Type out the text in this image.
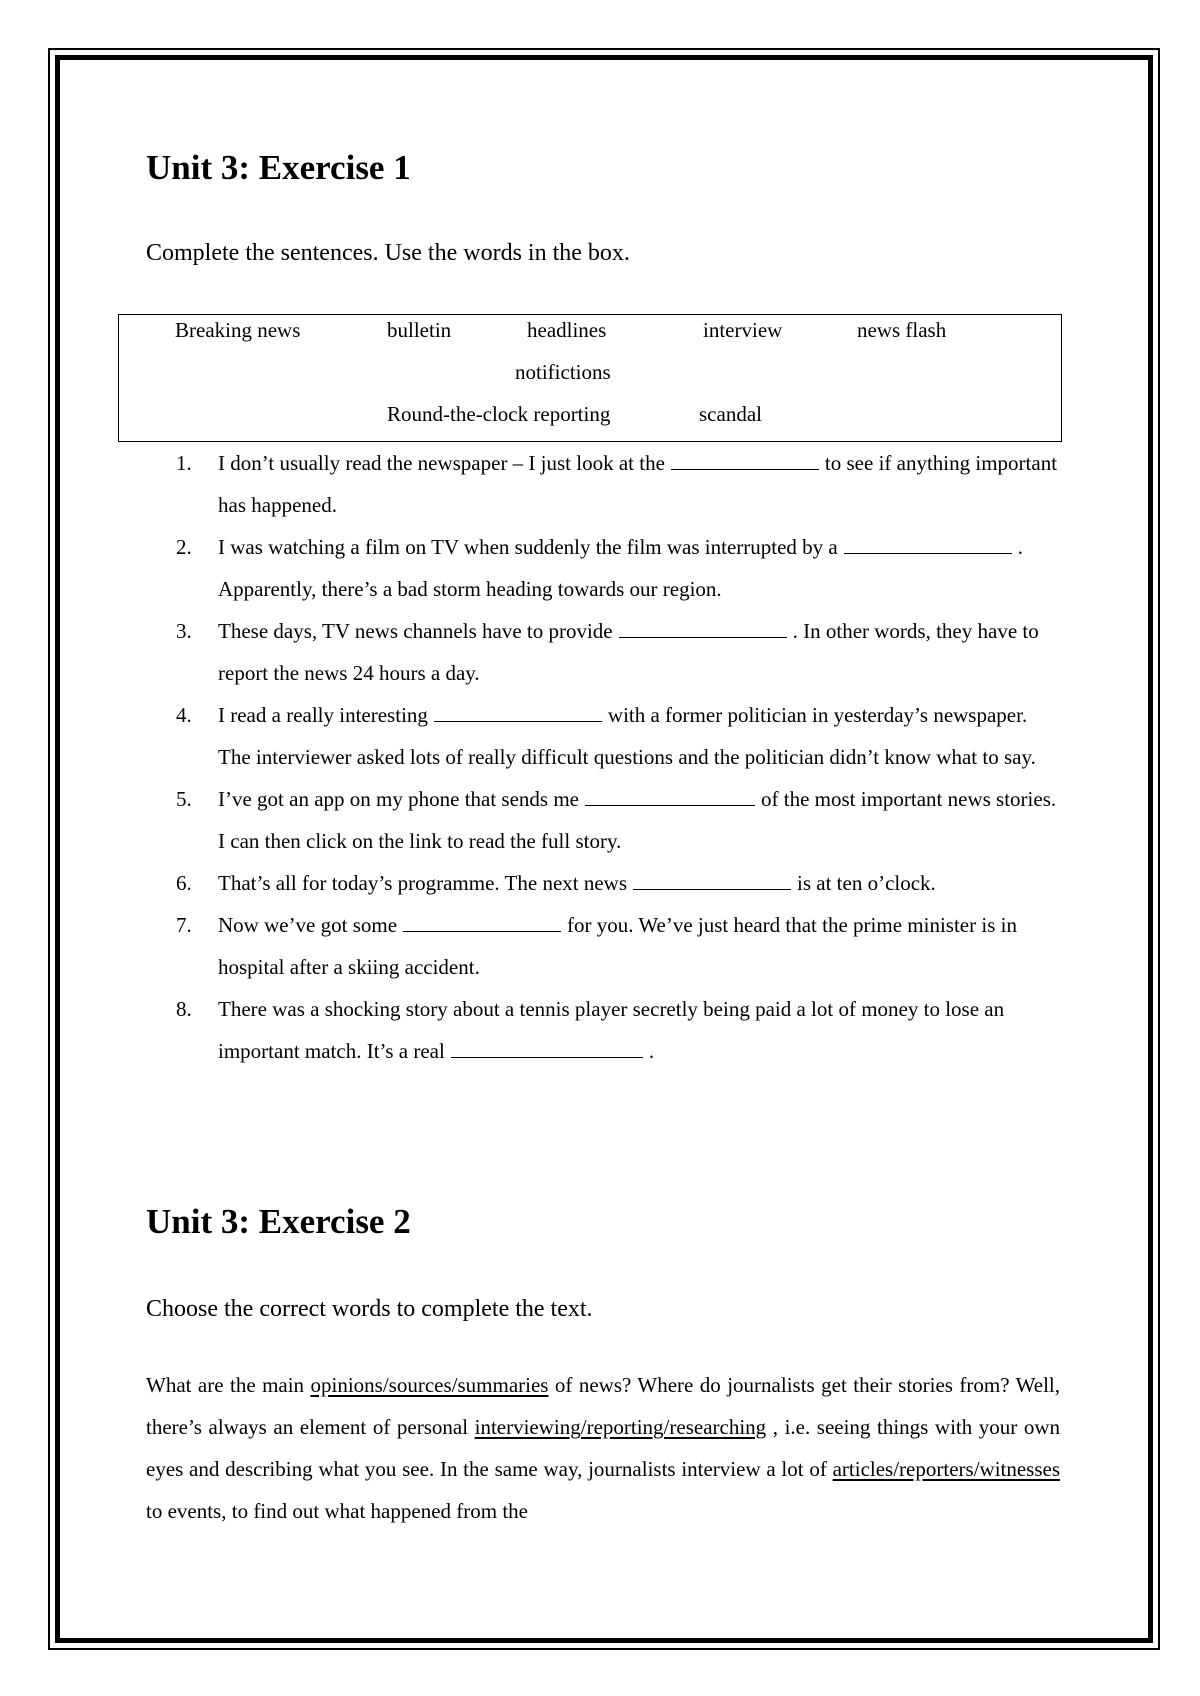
Unit 3: Exercise 1

Complete the sentences. Use the words in the box.

Breaking news	bulletin	headlines	interview	news flash
notifictions
Round-the-clock reporting	scandal
1. I don’t usually read the newspaper – I just look at the	to see if anything important has happened.
2. I was watching a film on TV when suddenly the film was interrupted by a	. Apparently, there’s a bad storm heading towards our region.
3. These days, TV news channels have to provide	. In other words, they have to report the news 24 hours a day.
4. I read a really interesting	with a former politician in yesterday’s newspaper. The interviewer asked lots of really difficult questions and the politician didn’t know what to say.
5. I’ve got an app on my phone that sends me	of the most important news stories. I can then click on the link to read the full story.
6. That’s all for today’s programme. The next news	is at ten o’clock.
7. Now we’ve got some	for you. We’ve just heard that the prime minister is in hospital after a skiing accident.
8. There was a shocking story about a tennis player secretly being paid a lot of money to lose an important match. It’s a real	.
Unit 3: Exercise 2

Choose the correct words to complete the text.

What are the main opinions/sources/summaries of news? Where do journalists get their stories from? Well, there’s always an element of personal interviewing/reporting/researching , i.e. seeing things with your own eyes and describing what you see. In the same way, journalists interview a lot of articles/reporters/witnesses to events, to find out what happened from the
